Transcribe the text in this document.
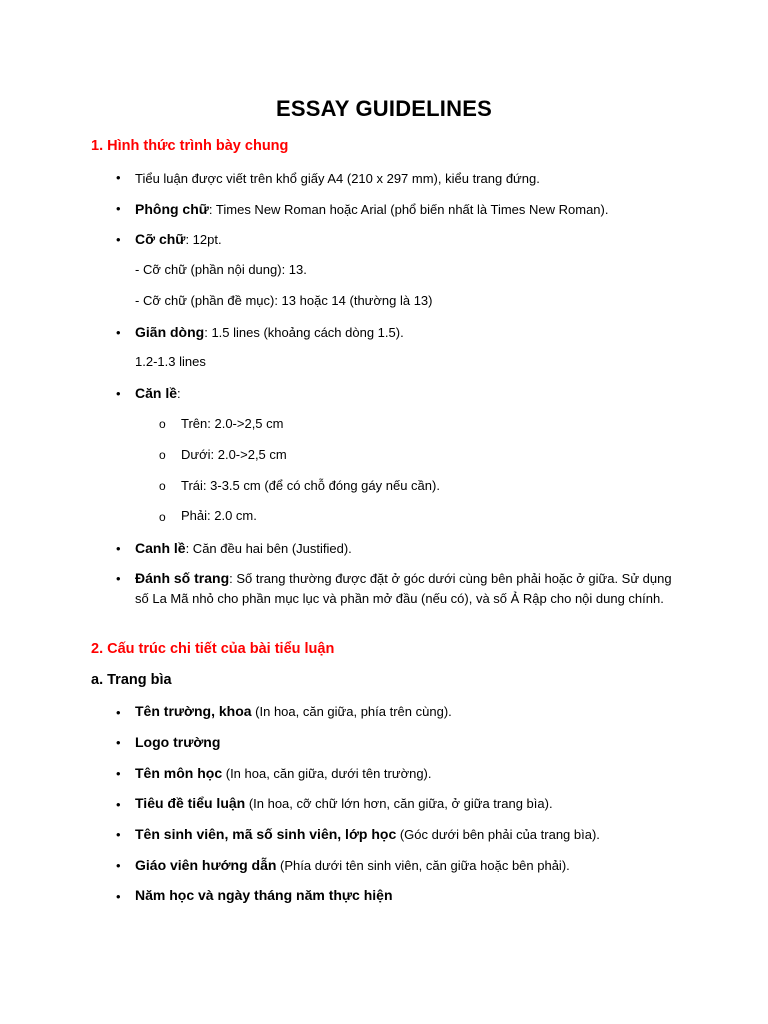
ESSAY GUIDELINES
1. Hình thức trình bày chung
• Tiểu luận được viết trên khổ giấy A4 (210 x 297 mm), kiểu trang đứng.
• Phông chữ: Times New Roman hoặc Arial (phổ biến nhất là Times New Roman).
• Cỡ chữ: 12pt.
- Cỡ chữ (phần nội dung): 13.
- Cỡ chữ (phần đề mục): 13 hoặc 14 (thường là 13)
• Giãn dòng: 1.5 lines (khoảng cách dòng 1.5).
1.2-1.3 lines
• Căn lề:
o Trên: 2.0->2,5 cm
o Dưới: 2.0->2,5 cm
o Trái: 3-3.5 cm (để có chỗ đóng gáy nếu cần).
o Phải: 2.0 cm.
• Canh lề: Căn đều hai bên (Justified).
• Đánh số trang: Số trang thường được đặt ở góc dưới cùng bên phải hoặc ở giữa. Sử dụng số La Mã nhỏ cho phần mục lục và phần mở đầu (nếu có), và số Ả Rập cho nội dung chính.
2. Cấu trúc chi tiết của bài tiểu luận
a. Trang bìa
• Tên trường, khoa (In hoa, căn giữa, phía trên cùng).
• Logo trường
• Tên môn học (In hoa, căn giữa, dưới tên trường).
• Tiêu đề tiểu luận (In hoa, cỡ chữ lớn hơn, căn giữa, ở giữa trang bìa).
• Tên sinh viên, mã số sinh viên, lớp học (Góc dưới bên phải của trang bìa).
• Giáo viên hướng dẫn (Phía dưới tên sinh viên, căn giữa hoặc bên phải).
• Năm học và ngày tháng năm thực hiện
